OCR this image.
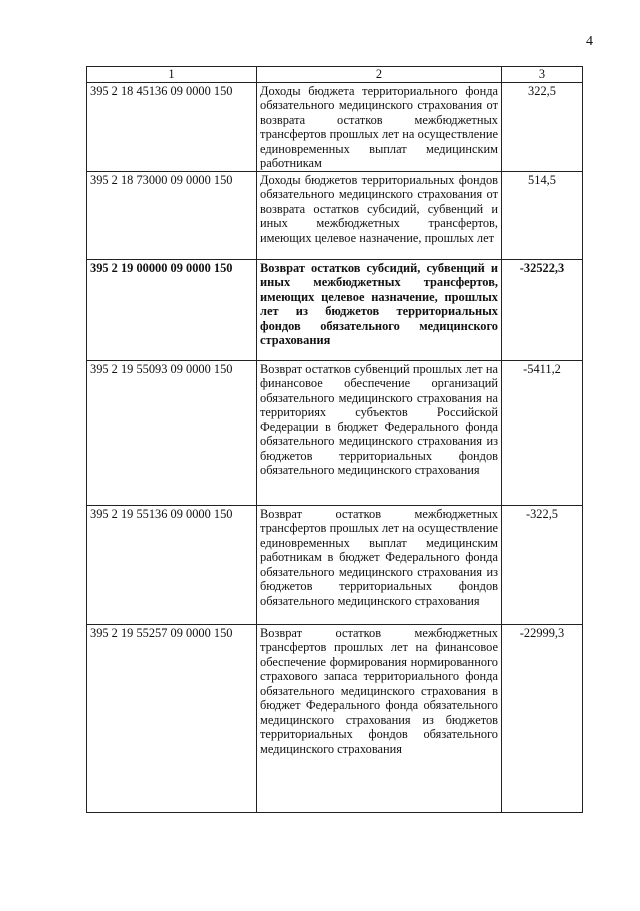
4
1	2	3
395 2 18 45136 09 0000 150	Доходы бюджета территориального фонда обязательного медицинского страхования от возврата остатков межбюджетных трансфертов прошлых лет на осуществление единовременных выплат медицинским работникам	322,5
395 2 18 73000 09 0000 150	Доходы бюджетов территориальных фондов обязательного медицинского страхования от возврата остатков субсидий, субвенций и иных межбюджетных трансфертов, имеющих целевое назначение, прошлых лет	514,5
395 2 19 00000 09 0000 150	Возврат остатков субсидий, субвенций и иных межбюджетных трансфертов, имеющих целевое назначение, прошлых лет из бюджетов территориальных фондов обязательного медицинского страхования	-32522,3
395 2 19 55093 09 0000 150	Возврат остатков субвенций прошлых лет на финансовое обеспечение организаций обязательного медицинского страхования на территориях субъектов Российской Федерации в бюджет Федерального фонда обязательного медицинского страхования из бюджетов территориальных фондов обязательного медицинского страхования	-5411,2
395 2 19 55136 09 0000 150	Возврат остатков межбюджетных трансфертов прошлых лет на осуществление единовременных выплат медицинским работникам в бюджет Федерального фонда обязательного медицинского страхования из бюджетов территориальных фондов обязательного медицинского страхования	-322,5
395 2 19 55257 09 0000 150	Возврат остатков межбюджетных трансфертов прошлых лет на финансовое обеспечение формирования нормированного страхового запаса территориального фонда обязательного медицинского страхования в бюджет Федерального фонда обязательного медицинского страхования из бюджетов территориальных фондов обязательного медицинского страхования	-22999,3
